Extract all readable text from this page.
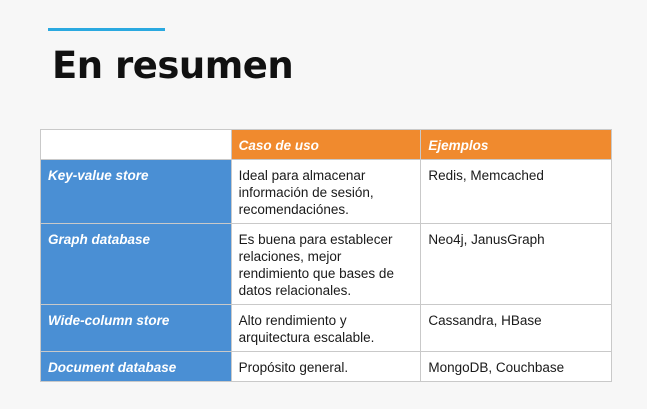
En resumen
	Caso de uso	Ejemplos
Key-value store	Ideal para almacenar información de sesión, recomendaciónes.	Redis, Memcached
Graph database	Es buena para establecer relaciones, mejor rendimiento que bases de datos relacionales.	Neo4j, JanusGraph
Wide-column store	Alto rendimiento y arquitectura escalable.	Cassandra, HBase
Document database	Propósito general.	MongoDB, Couchbase
